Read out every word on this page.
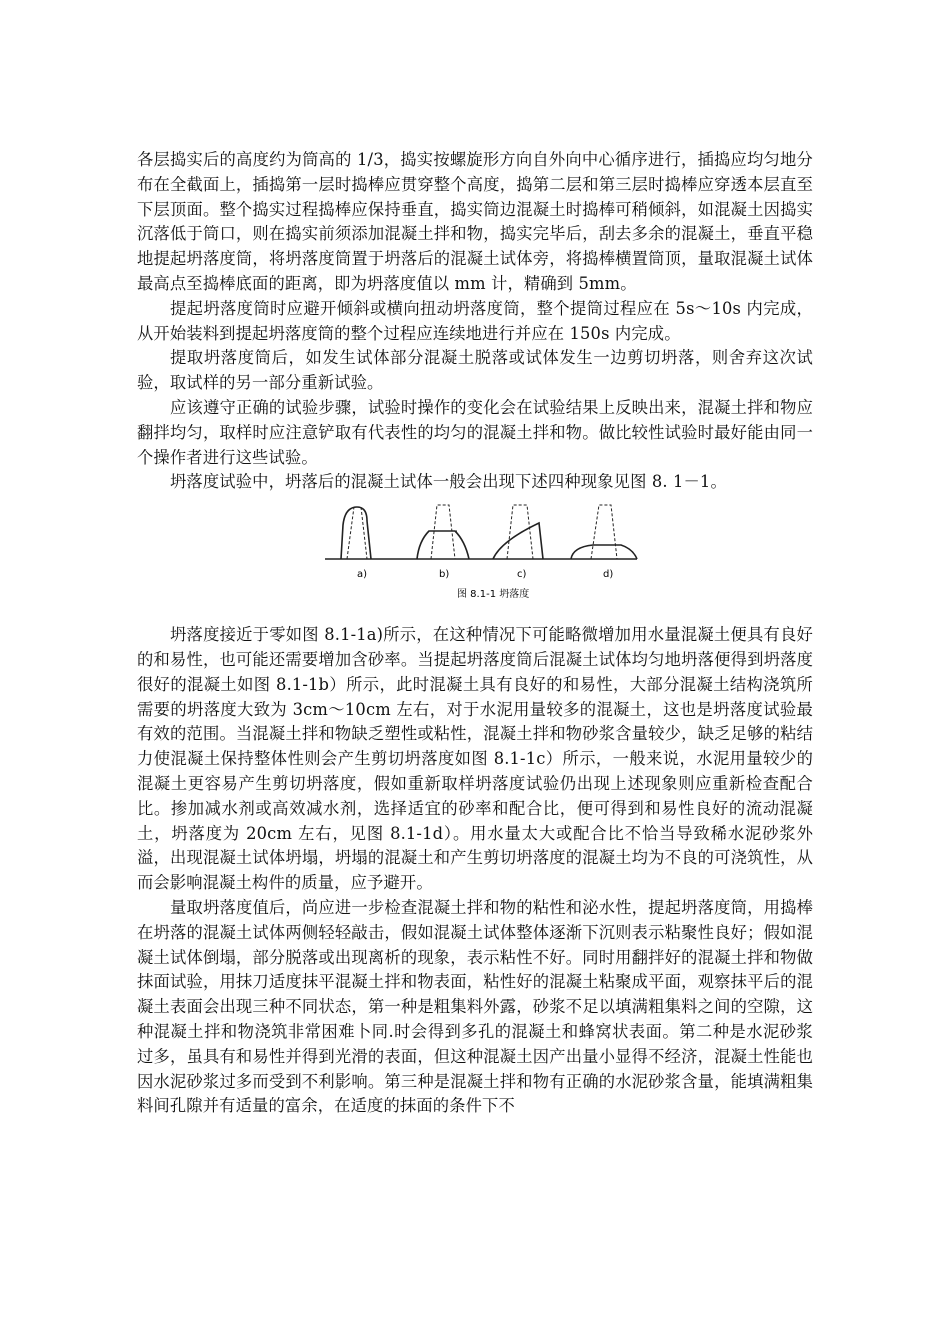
各层捣实后的高度约为筒高的 1/3，捣实按螺旋形方向自外向中心循序进行，插捣应均匀地分布在全截面上，插捣第一层时捣棒应贯穿整个高度，捣第二层和第三层时捣棒应穿透本层直至下层顶面。整个捣实过程捣棒应保持垂直，捣实筒边混凝土时捣棒可稍倾斜，如混凝土因捣实沉落低于筒口，则在捣实前须添加混凝土拌和物，捣实完毕后，刮去多余的混凝土，垂直平稳地提起坍落度筒，将坍落度筒置于坍落后的混凝土试体旁，将捣棒横置筒顶，量取混凝土试体最高点至捣棒底面的距离，即为坍落度值以 mm 计，精确到 5mm。

提起坍落度筒时应避开倾斜或横向扭动坍落度筒，整个提筒过程应在 5s～10s 内完成，从开始装料到提起坍落度筒的整个过程应连续地进行并应在 150s 内完成。

提取坍落度筒后，如发生试体部分混凝土脱落或试体发生一边剪切坍落，则舍弃这次试验，取试样的另一部分重新试验。

应该遵守正确的试验步骤，试验时操作的变化会在试验结果上反映出来，混凝土拌和物应翻拌均匀，取样时应注意铲取有代表性的均匀的混凝土拌和物。做比较性试验时最好能由同一个操作者进行这些试验。

坍落度试验中，坍落后的混凝土试体一般会出现下述四种现象见图 8. 1－1。

a)	b)	c)	d)
图 8.1-1 坍落度

坍落度接近于零如图 8.1-1a)所示，在这种情况下可能略微增加用水量混凝土便具有良好的和易性，也可能还需要增加含砂率。当提起坍落度筒后混凝土试体均匀地坍落便得到坍落度很好的混凝土如图 8.1-1b）所示，此时混凝土具有良好的和易性，大部分混凝土结构浇筑所需要的坍落度大致为 3cm～10cm 左右，对于水泥用量较多的混凝土，这也是坍落度试验最有效的范围。当混凝土拌和物缺乏塑性或粘性，混凝土拌和物砂浆含量较少，缺乏足够的粘结力使混凝土保持整体性则会产生剪切坍落度如图 8.1-1c）所示，一般来说，水泥用量较少的混凝土更容易产生剪切坍落度，假如重新取样坍落度试验仍出现上述现象则应重新检查配合比。掺加减水剂或高效减水剂，选择适宜的砂率和配合比，便可得到和易性良好的流动混凝土，坍落度为 20cm 左右，见图 8.1-1d）。用水量太大或配合比不恰当导致稀水泥砂浆外溢，出现混凝土试体坍塌，坍塌的混凝土和产生剪切坍落度的混凝土均为不良的可浇筑性，从而会影响混凝土构件的质量，应予避开。

量取坍落度值后，尚应进一步检查混凝土拌和物的粘性和泌水性，提起坍落度筒，用捣棒在坍落的混凝土试体两侧轻轻敲击，假如混凝土试体整体逐渐下沉则表示粘聚性良好；假如混凝土试体倒塌，部分脱落或出现离析的现象，表示粘性不好。同时用翻拌好的混凝土拌和物做抹面试验，用抹刀适度抹平混凝土拌和物表面，粘性好的混凝土粘聚成平面，观察抹平后的混凝土表面会出现三种不同状态，第一种是粗集料外露，砂浆不足以填满粗集料之间的空隙，这种混凝土拌和物浇筑非常困难卜同.时会得到多孔的混凝土和蜂窝状表面。第二种是水泥砂浆过多，虽具有和易性并得到光滑的表面，但这种混凝土因产出量小显得不经济，混凝土性能也因水泥砂浆过多而受到不利影响。第三种是混凝土拌和物有正确的水泥砂浆含量，能填满粗集料间孔隙并有适量的富余，在适度的抹面的条件下不
